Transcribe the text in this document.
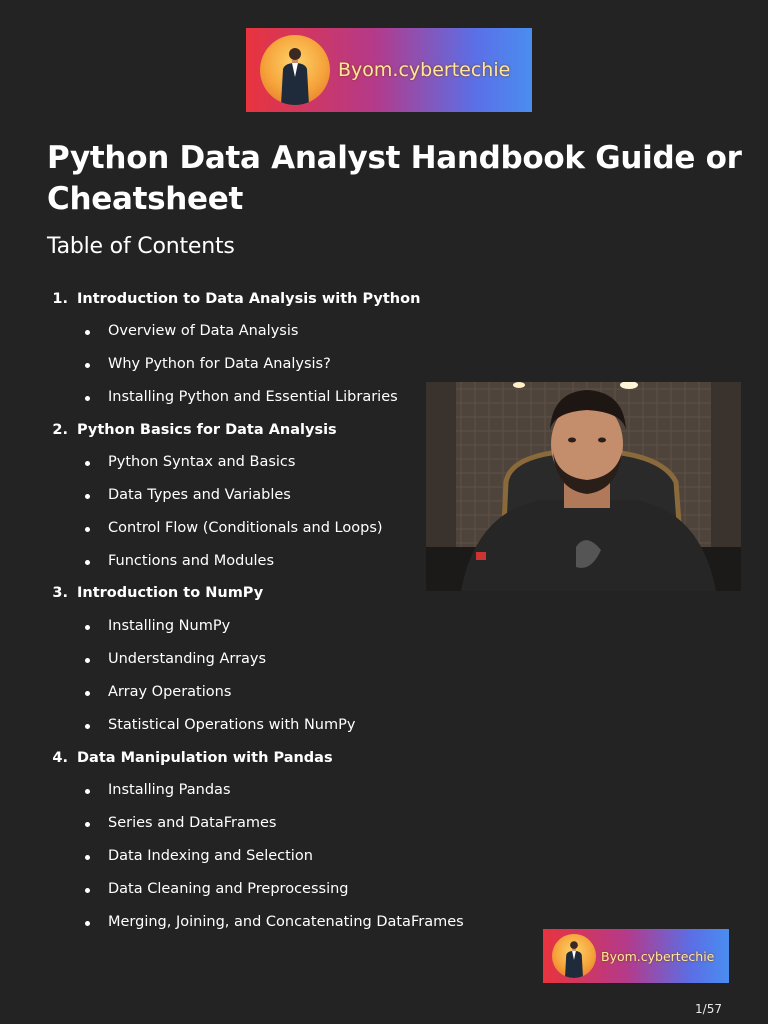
Byom.cybertechie
Python Data Analyst Handbook Guide or Cheatsheet
Table of Contents
1. Introduction to Data Analysis with Python
Overview of Data Analysis
Why Python for Data Analysis?
Installing Python and Essential Libraries
2. Python Basics for Data Analysis
Python Syntax and Basics
Data Types and Variables
Control Flow (Conditionals and Loops)
Functions and Modules
3. Introduction to NumPy
Installing NumPy
Understanding Arrays
Array Operations
Statistical Operations with NumPy
4. Data Manipulation with Pandas
Installing Pandas
Series and DataFrames
Data Indexing and Selection
Data Cleaning and Preprocessing
Merging, Joining, and Concatenating DataFrames
Byom.cybertechie
1/57
